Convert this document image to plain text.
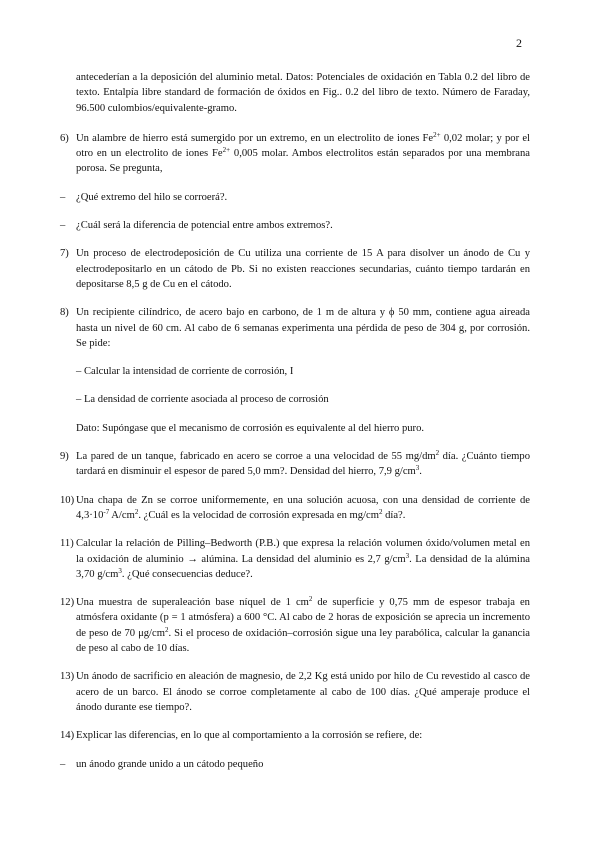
2
antecederían a la deposición del aluminio metal. Datos: Potenciales de oxidación en Tabla 0.2 del libro de texto. Entalpía libre standard de formación de óxidos en Fig.. 0.2 del libro de texto. Número de Faraday, 96.500 culombios/equivalente-gramo.
6) Un alambre de hierro está sumergido por un extremo, en un electrolito de iones $Fe^{2+}$ 0,02 molar; y por el otro en un electrolito de iones $Fe^{2+}$ 0,005 molar. Ambos electrolitos están separados por una membrana porosa. Se pregunta,
– ¿Qué extremo del hilo se corroerá?.
– ¿Cuál será la diferencia de potencial entre ambos extremos?.
7) Un proceso de electrodeposición de Cu utiliza una corriente de 15 A para disolver un ánodo de Cu y electrodepositarlo en un cátodo de Pb. Si no existen reacciones secundarias, cuánto tiempo tardarán en depositarse 8,5 g de Cu en el cátodo.
8) Un recipiente cilíndrico, de acero bajo en carbono, de 1 m de altura y ϕ 50 mm, contiene agua aireada hasta un nivel de 60 cm. Al cabo de 6 semanas experimenta una pérdida de peso de 304 g, por corrosión. Se pide:
– Calcular la intensidad de corriente de corrosión, I
– La densidad de corriente asociada al proceso de corrosión
Dato: Supóngase que el mecanismo de corrosión es equivalente al del hierro puro.
9) La pared de un tanque, fabricado en acero se corroe a una velocidad de 55 $mg/dm^2$ día. ¿Cuánto tiempo tardará en disminuir el espesor de pared 5,0 mm?. Densidad del hierro, 7,9 $g/cm^3$.
10) Una chapa de Zn se corroe uniformemente, en una solución acuosa, con una densidad de corriente de $4,3\cdot 10^{-7}$ $A/cm^2$. ¿Cuál es la velocidad de corrosión expresada en $mg/cm^2$ día?.
11) Calcular la relación de Pilling–Bedworth (P.B.) que expresa la relación volumen óxido/volumen metal en la oxidación de aluminio → alúmina. La densidad del aluminio es 2,7 $g/cm^3$. La densidad de la alúmina 3,70 $g/cm^3$. ¿Qué consecuencias deduce?.
12) Una muestra de superaleación base níquel de 1 $cm^2$ de superficie y 0,75 mm de espesor trabaja en atmósfera oxidante (p = 1 atmósfera) a 600 °C. Al cabo de 2 horas de exposición se aprecia un incremento de peso de 70 $\mu g/cm^2$. Si el proceso de oxidación–corrosión sigue una ley parabólica, calcular la ganancia de peso al cabo de 10 días.
13) Un ánodo de sacrificio en aleación de magnesio, de 2,2 Kg está unido por hilo de Cu revestido al casco de acero de un barco. El ánodo se corroe completamente al cabo de 100 días. ¿Qué amperaje produce el ánodo durante ese tiempo?.
14) Explicar las diferencias, en lo que al comportamiento a la corrosión se refiere, de:
– un ánodo grande unido a un cátodo pequeño
